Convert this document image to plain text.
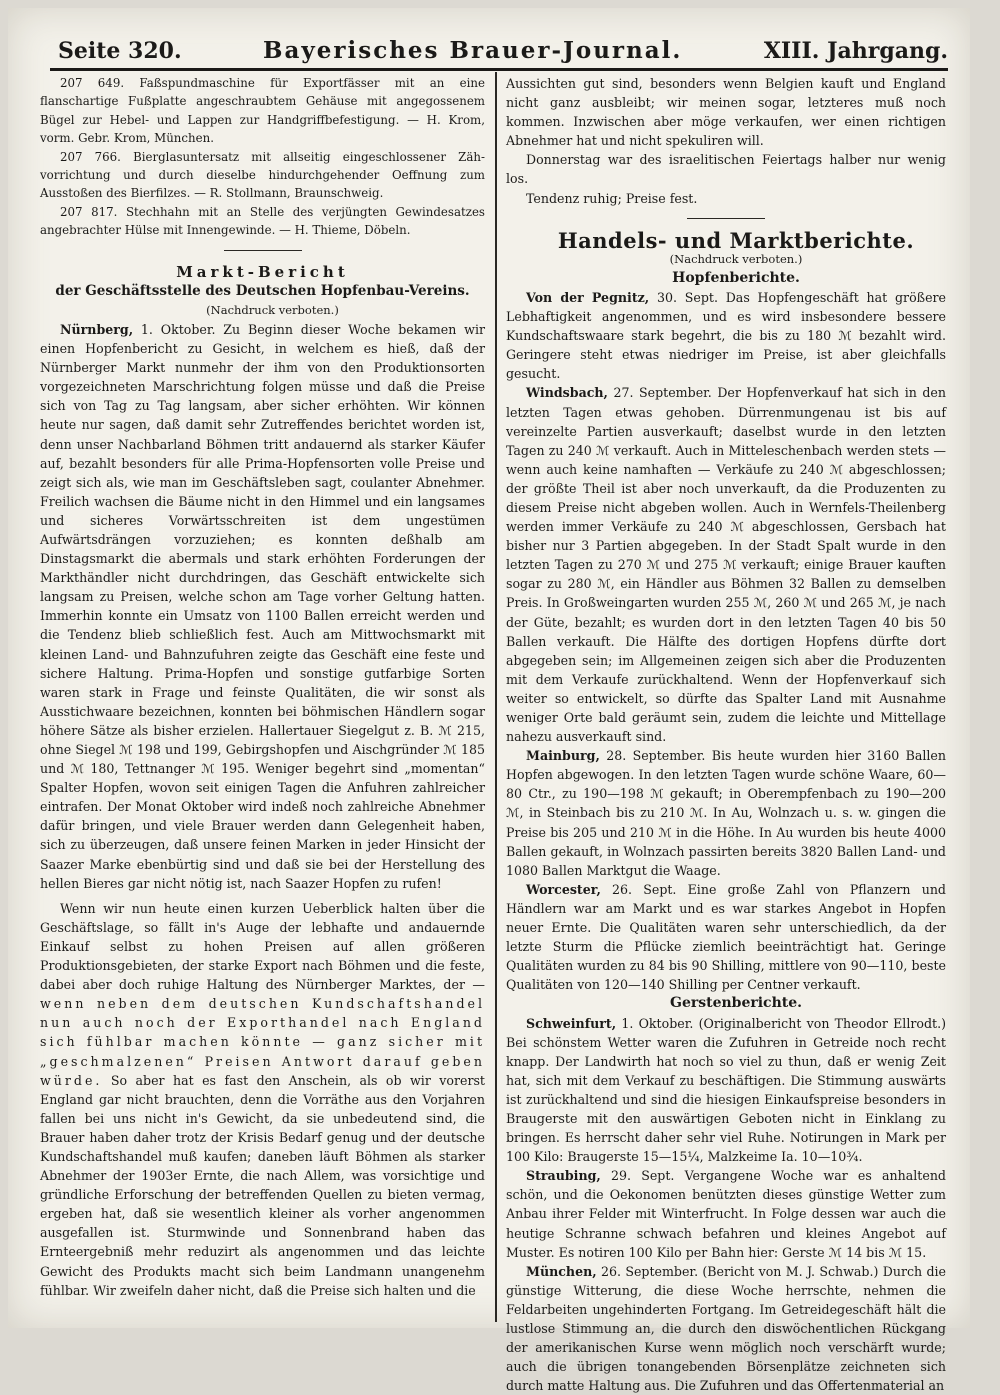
Seite 320.	Bayerisches Brauer-Journal.	XIII. Jahrgang.

207 649. Faßspundmaschine für Exportfässer mit an eine flanschartige Fußplatte angeschraubtem Gehäuse mit angegossenem Bügel zur Hebel- und Lappen zur Handgriffbefestigung. — H. Krom, vorm. Gebr. Krom, München.

207 766. Bierglasuntersatz mit allseitig eingeschlossener Zäh-vorrichtung und durch dieselbe hindurchgehender Oeffnung zum Ausstoßen des Bierfilzes. — R. Stollmann, Braunschweig.

207 817. Stechhahn mit an Stelle des verjüngten Gewindesatzes angebrachter Hülse mit Innengewinde. — H. Thieme, Döbeln.

Markt-Bericht

der Geschäftsstelle des Deutschen Hopfenbau-Vereins.

(Nachdruck verboten.)

Nürnberg, 1. Oktober. Zu Beginn dieser Woche bekamen wir einen Hopfenbericht zu Gesicht, in welchem es hieß, daß der Nürnberger Markt nunmehr der ihm von den Produktionsorten vorgezeichneten Marschrichtung folgen müsse und daß die Preise sich von Tag zu Tag langsam, aber sicher erhöhten. Wir können heute nur sagen, daß damit sehr Zutreffendes berichtet worden ist, denn unser Nachbarland Böhmen tritt andauernd als starker Käufer auf, bezahlt besonders für alle Prima-Hopfensorten volle Preise und zeigt sich als, wie man im Geschäftsleben sagt, coulanter Abnehmer. Freilich wachsen die Bäume nicht in den Himmel und ein langsames und sicheres Vorwärtsschreiten ist dem ungestümen Aufwärtsdrängen vorzuziehen; es konnten deßhalb am Dinstagsmarkt die abermals und stark erhöhten Forderungen der Markthändler nicht durchdringen, das Geschäft entwickelte sich langsam zu Preisen, welche schon am Tage vorher Geltung hatten. Immerhin konnte ein Umsatz von 1100 Ballen erreicht werden und die Tendenz blieb schließlich fest. Auch am Mittwochsmarkt mit kleinen Land- und Bahnzufuhren zeigte das Geschäft eine feste und sichere Haltung. Prima-Hopfen und sonstige gutfarbige Sorten waren stark in Frage und feinste Qualitäten, die wir sonst als Ausstichwaare bezeichnen, konnten bei böhmischen Händlern sogar höhere Sätze als bisher erzielen. Hallertauer Siegelgut z. B. ℳ 215, ohne Siegel ℳ 198 und 199, Gebirgshopfen und Aischgründer ℳ 185 und ℳ 180, Tettnanger ℳ 195. Weniger begehrt sind „momentan“ Spalter Hopfen, wovon seit einigen Tagen die Anfuhren zahlreicher eintrafen. Der Monat Oktober wird indeß noch zahlreiche Abnehmer dafür bringen, und viele Brauer werden dann Gelegenheit haben, sich zu überzeugen, daß unsere feinen Marken in jeder Hinsicht der Saazer Marke ebenbürtig sind und daß sie bei der Herstellung des hellen Bieres gar nicht nötig ist, nach Saazer Hopfen zu rufen!

Wenn wir nun heute einen kurzen Ueberblick halten über die Geschäftslage, so fällt in's Auge der lebhafte und andauernde Einkauf selbst zu hohen Preisen auf allen größeren Produktionsgebieten, der starke Export nach Böhmen und die feste, dabei aber doch ruhige Haltung des Nürnberger Marktes, der — wenn neben dem deutschen Kundschaftshandel nun auch noch der Exporthandel nach England sich fühlbar machen könnte — ganz sicher mit „geschmalzenen“ Preisen Antwort darauf geben würde. So aber hat es fast den Anschein, als ob wir vorerst England gar nicht brauchten, denn die Vorräthe aus den Vorjahren fallen bei uns nicht in's Gewicht, da sie unbedeutend sind, die Brauer haben daher trotz der Krisis Bedarf genug und der deutsche Kundschaftshandel muß kaufen; daneben läuft Böhmen als starker Abnehmer der 1903er Ernte, die nach Allem, was vorsichtige und gründliche Erforschung der betreffenden Quellen zu bieten vermag, ergeben hat, daß sie wesentlich kleiner als vorher angenommen ausgefallen ist. Sturmwinde und Sonnenbrand haben das Ernteergebniß mehr reduzirt als angenommen und das leichte Gewicht des Produkts macht sich beim Landmann unangenehm fühlbar. Wir zweifeln daher nicht, daß die Preise sich halten und die

Aussichten gut sind, besonders wenn Belgien kauft und England nicht ganz ausbleibt; wir meinen sogar, letzteres muß noch kommen. Inzwischen aber möge verkaufen, wer einen richtigen Abnehmer hat und nicht spekuliren will.

Donnerstag war des israelitischen Feiertags halber nur wenig los.

Tendenz ruhig; Preise fest.

Handels- und Marktberichte.

(Nachdruck verboten.)

Hopfenberichte.

Von der Pegnitz, 30. Sept. Das Hopfengeschäft hat größere Lebhaftigkeit angenommen, und es wird insbesondere bessere Kundschaftswaare stark begehrt, die bis zu 180 ℳ bezahlt wird. Geringere steht etwas niedriger im Preise, ist aber gleichfalls gesucht.

Windsbach, 27. September. Der Hopfenverkauf hat sich in den letzten Tagen etwas gehoben. Dürrenmungenau ist bis auf vereinzelte Partien ausverkauft; daselbst wurde in den letzten Tagen zu 240 ℳ verkauft. Auch in Mitteleschenbach werden stets — wenn auch keine namhaften — Verkäufe zu 240 ℳ abgeschlossen; der größte Theil ist aber noch unverkauft, da die Produzenten zu diesem Preise nicht abgeben wollen. Auch in Wernfels-Theilenberg werden immer Verkäufe zu 240 ℳ abgeschlossen, Gersbach hat bisher nur 3 Partien abgegeben. In der Stadt Spalt wurde in den letzten Tagen zu 270 ℳ und 275 ℳ verkauft; einige Brauer kauften sogar zu 280 ℳ, ein Händler aus Böhmen 32 Ballen zu demselben Preis. In Großweingarten wurden 255 ℳ, 260 ℳ und 265 ℳ, je nach der Güte, bezahlt; es wurden dort in den letzten Tagen 40 bis 50 Ballen verkauft. Die Hälfte des dortigen Hopfens dürfte dort abgegeben sein; im Allgemeinen zeigen sich aber die Produzenten mit dem Verkaufe zurückhaltend. Wenn der Hopfenverkauf sich weiter so entwickelt, so dürfte das Spalter Land mit Ausnahme weniger Orte bald geräumt sein, zudem die leichte und Mittellage nahezu ausverkauft sind.

Mainburg, 28. September. Bis heute wurden hier 3160 Ballen Hopfen abgewogen. In den letzten Tagen wurde schöne Waare, 60—80 Ctr., zu 190—198 ℳ gekauft; in Oberempfenbach zu 190—200 ℳ, in Steinbach bis zu 210 ℳ. In Au, Wolnzach u. s. w. gingen die Preise bis 205 und 210 ℳ in die Höhe. In Au wurden bis heute 4000 Ballen gekauft, in Wolnzach passirten bereits 3820 Ballen Land- und 1080 Ballen Marktgut die Waage.

Worcester, 26. Sept. Eine große Zahl von Pflanzern und Händlern war am Markt und es war starkes Angebot in Hopfen neuer Ernte. Die Qualitäten waren sehr unterschiedlich, da der letzte Sturm die Pflücke ziemlich beeinträchtigt hat. Geringe Qualitäten wurden zu 84 bis 90 Shilling, mittlere von 90—110, beste Qualitäten von 120—140 Shilling per Centner verkauft.

Gerstenberichte.

Schweinfurt, 1. Oktober. (Originalbericht von Theodor Ellrodt.) Bei schönstem Wetter waren die Zufuhren in Getreide noch recht knapp. Der Landwirth hat noch so viel zu thun, daß er wenig Zeit hat, sich mit dem Verkauf zu beschäftigen. Die Stimmung auswärts ist zurückhaltend und sind die hiesigen Einkaufspreise besonders in Braugerste mit den auswärtigen Geboten nicht in Einklang zu bringen. Es herrscht daher sehr viel Ruhe. Notirungen in Mark per 100 Kilo: Braugerste 15—15¼, Malzkeime Ia. 10—10¾.

Straubing, 29. Sept. Vergangene Woche war es anhaltend schön, und die Oekonomen benützten dieses günstige Wetter zum Anbau ihrer Felder mit Winterfrucht. In Folge dessen war auch die heutige Schranne schwach befahren und kleines Angebot auf Muster. Es notiren 100 Kilo per Bahn hier: Gerste ℳ 14 bis ℳ 15.

München, 26. September. (Bericht von M. J. Schwab.) Durch die günstige Witterung, die diese Woche herrschte, nehmen die Feldarbeiten ungehinderten Fortgang. Im Getreidegeschäft hält die lustlose Stimmung an, die durch den diswöchentlichen Rückgang der amerikanischen Kurse wenn möglich noch verschärft wurde; auch die übrigen tonangebenden Börsenplätze zeichneten sich durch matte Haltung aus. Die Zufuhren und das Offertenmaterial an
